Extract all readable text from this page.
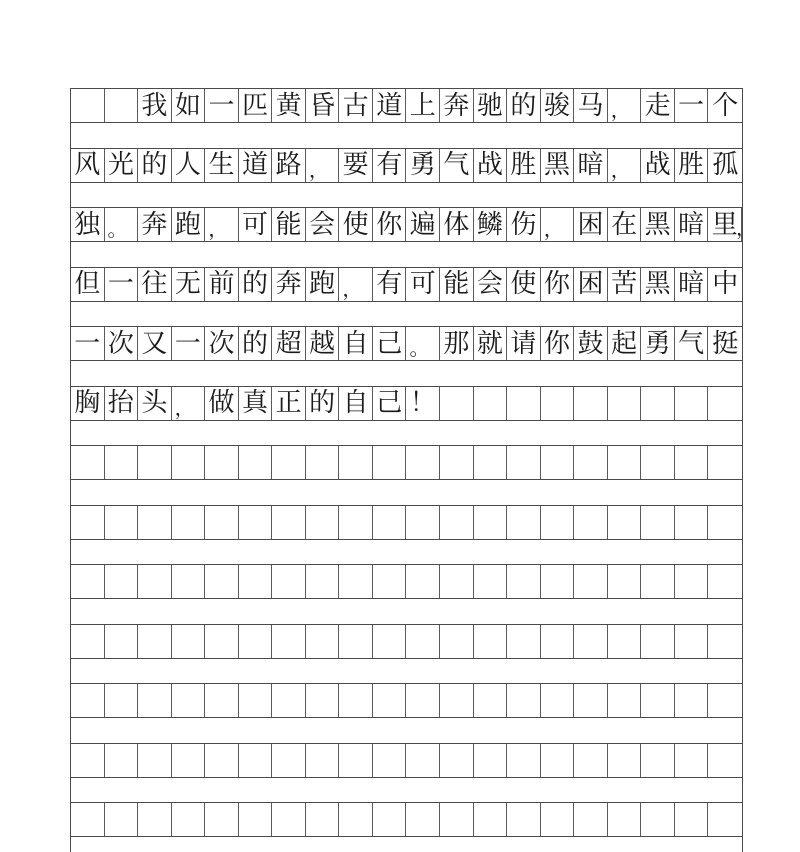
我 如 一 匹 黄 昏 古 道 上 奔 驰 的 骏 马 ， 走 一 个
风 光 的 人 生 道 路 ， 要 有 勇 气 战 胜 黑 暗 ， 战 胜 孤
独 。 奔 跑 ， 可 能 会 使 你 遍 体 鳞 伤 ， 困 在 黑 暗 里
，
但 一 往 无 前 的 奔 跑 ， 有 可 能 会 使 你 困 苦 黑 暗 中
一 次 又 一 次 的 超 越 自 己 。 那 就 请 你 鼓 起 勇 气 挺
胸 抬 头 ， 做 真 正 的 自 己 ！
